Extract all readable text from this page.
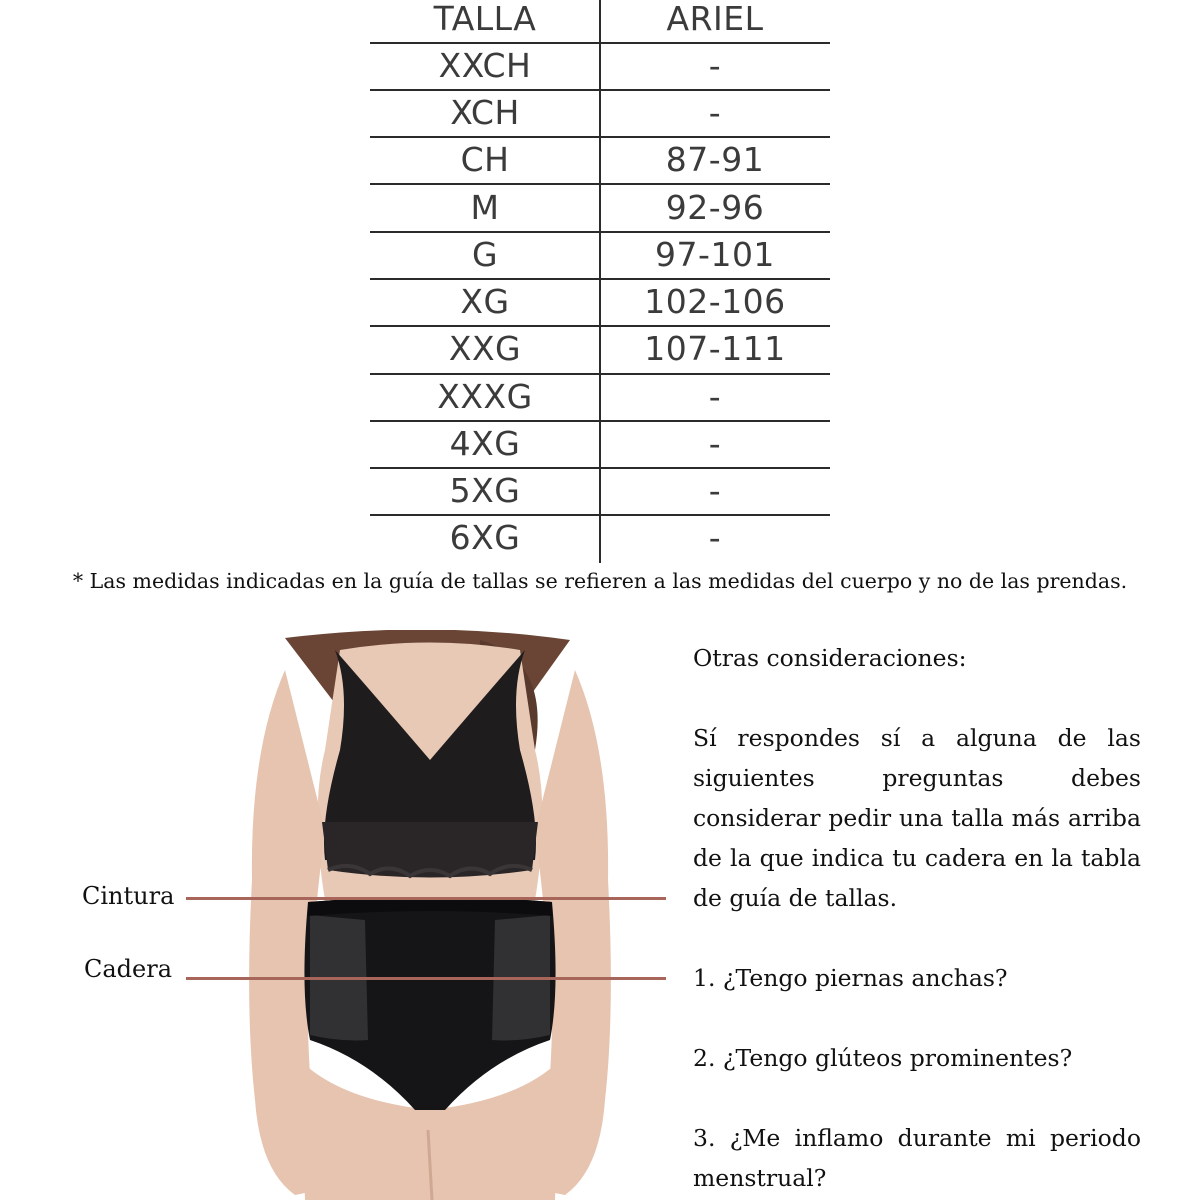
TALLA	ARIEL
XXCH	-
XCH	-
CH	87-91
M	92-96
G	97-101
XG	102-106
XXG	107-111
XXXG	-
4XG	-
5XG	-
6XG	-
* Las medidas indicadas en la guía de tallas se refieren a las medidas del cuerpo y no de las prendas.
Cintura
Cadera

Otras consideraciones:

Sí respondes sí a alguna de las siguientes preguntas debes considerar pedir una talla más arriba de la que indica tu cadera en la tabla de guía de tallas.

1. ¿Tengo piernas anchas?

2. ¿Tengo glúteos prominentes?

3. ¿Me inflamo durante mi periodo menstrual?
